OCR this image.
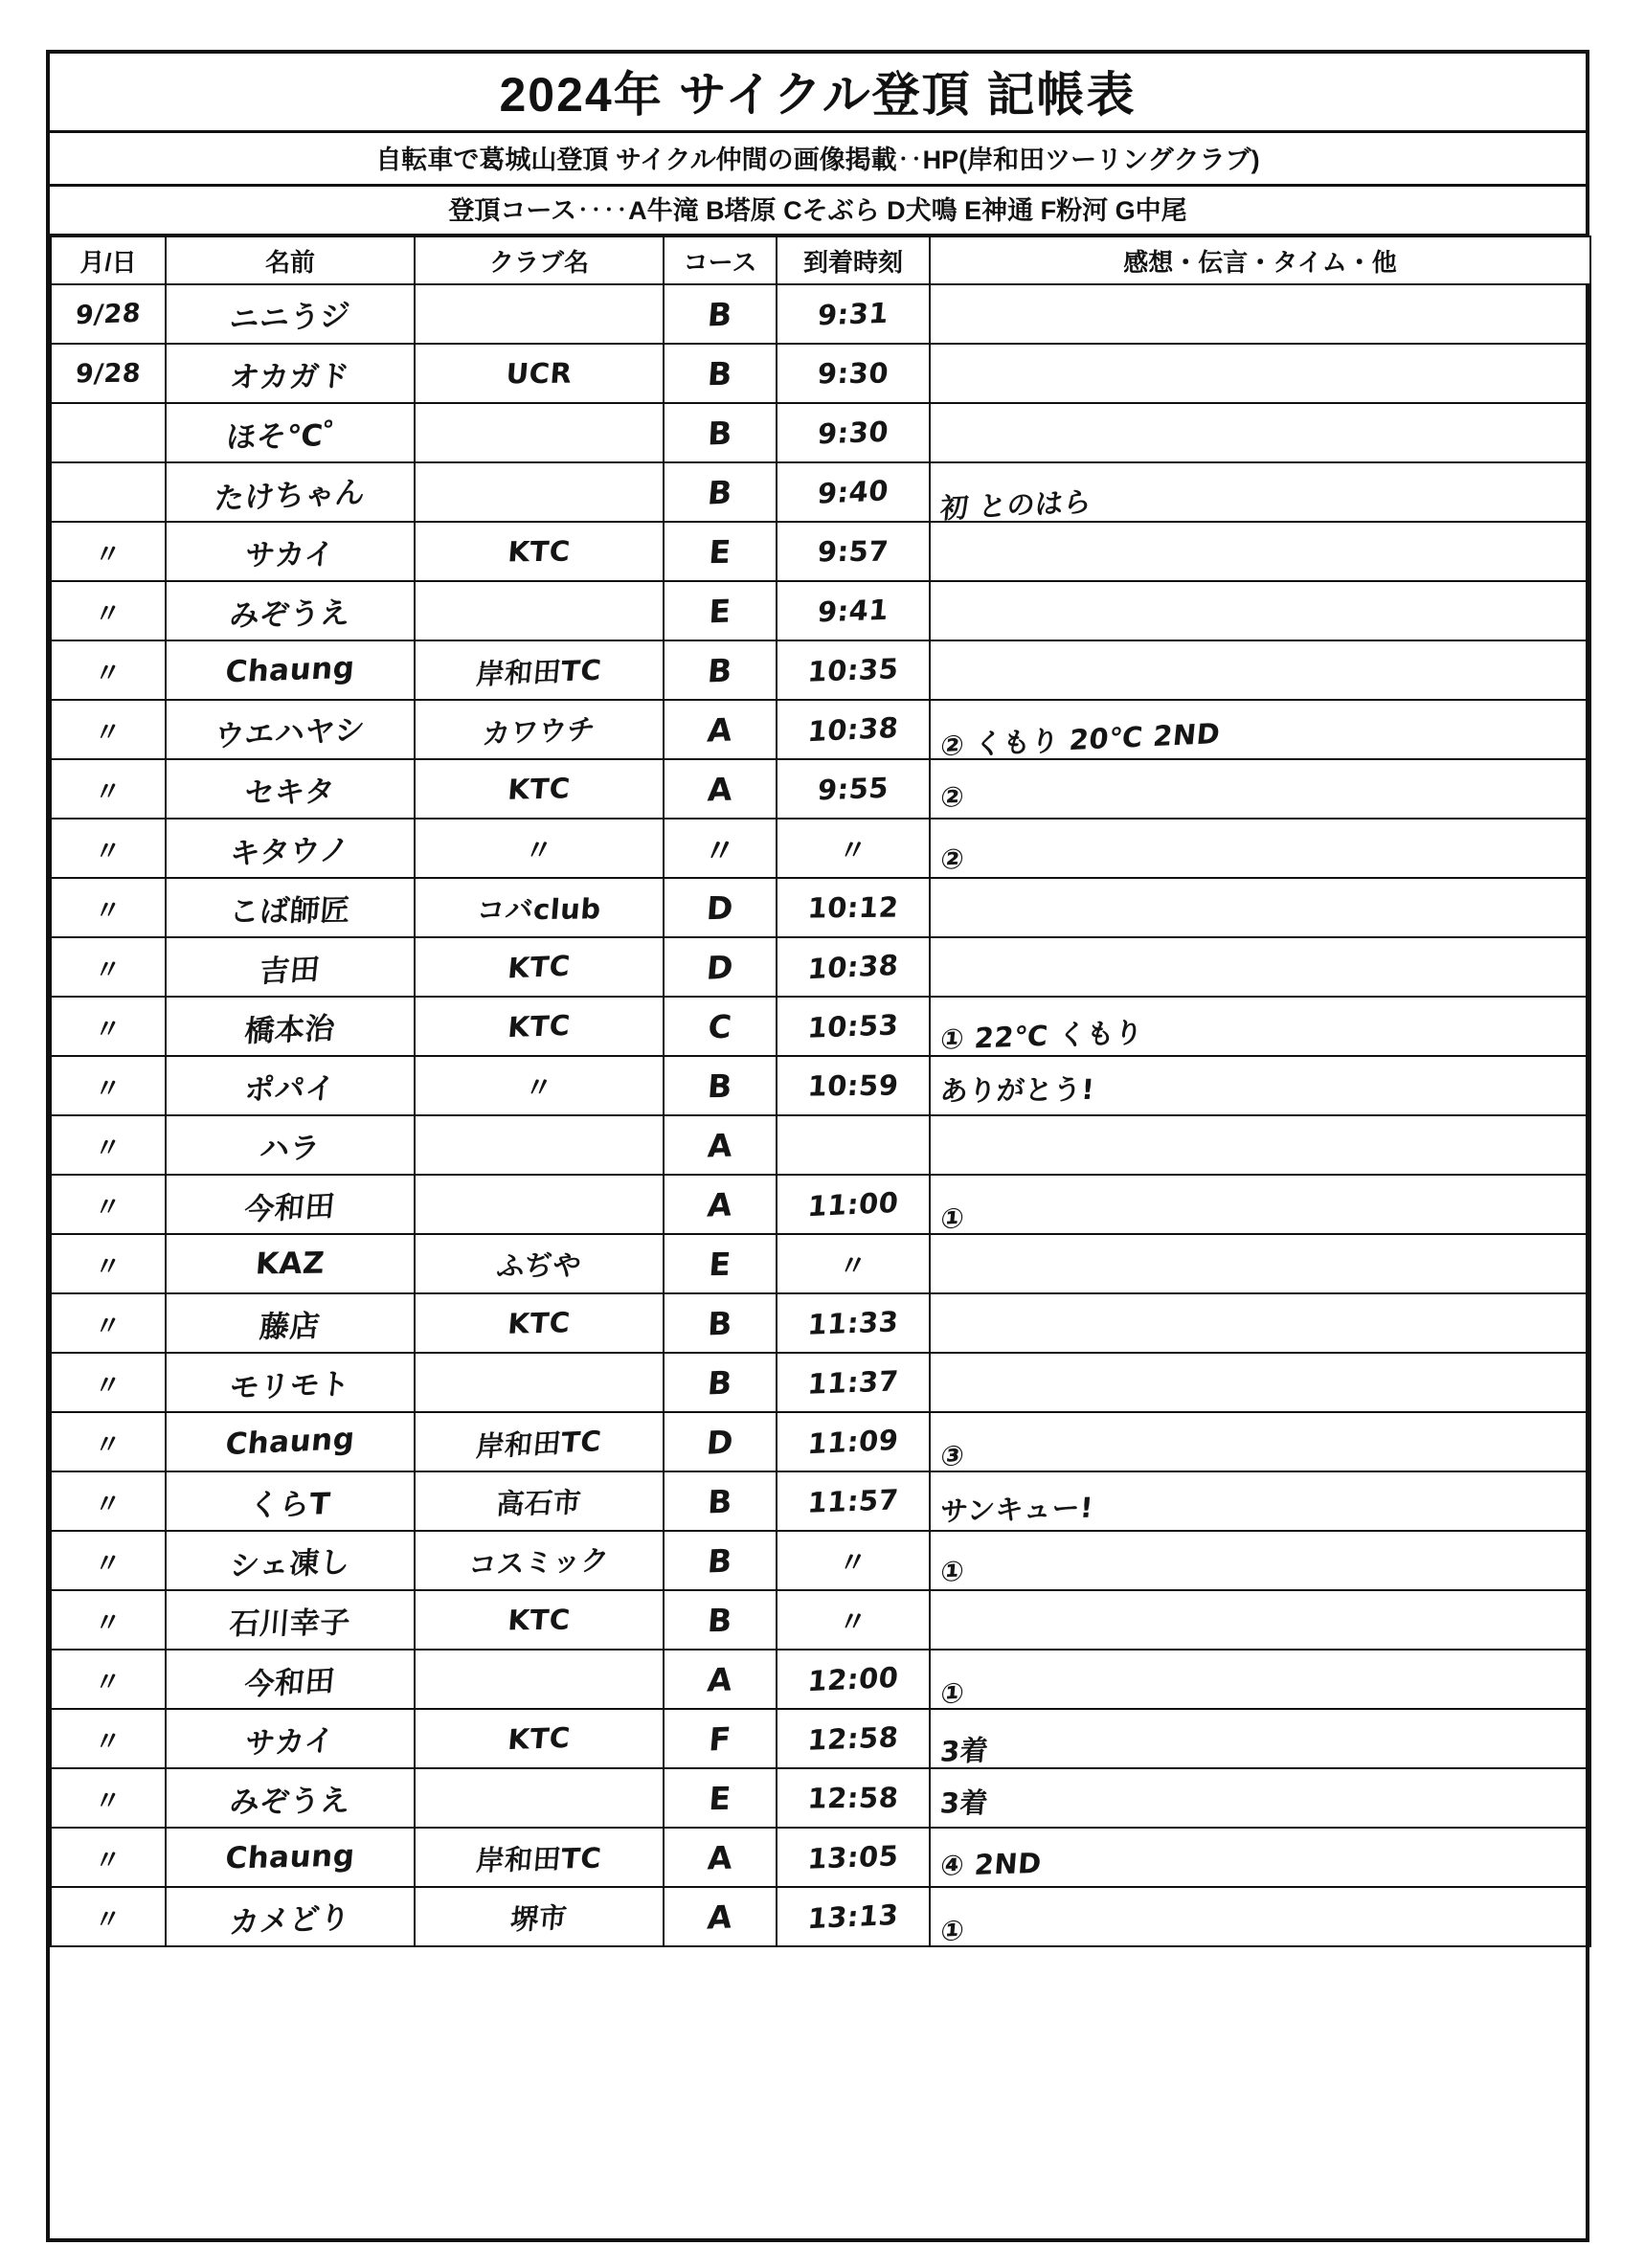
2024年 サイクル登頂 記帳表
自転車で葛城山登頂 サイクル仲間の画像掲載‥HP(岸和田ツーリングクラブ)
登頂コース‥‥A牛滝 B塔原 Cそぶら D犬鳴 E神通 F粉河 G中尾
月/日	名前	クラブ名	コース	到着時刻	感想・伝言・タイム・他

9/28	ニニうジ		B	9:31	

9/28	オカガド	UCR	B	9:30	

	ほそ℃゜		B	9:30	

	たけちゃん		B	9:40	初 とのはら

〃	サカイ	KTC	E	9:57	

〃	みぞうえ		E	9:41	

〃	Chaung	岸和田TC	B	10:35	

〃	ウエハヤシ	カワウチ	A	10:38	② くもり 20℃ 2ND

〃	セキタ	KTC	A	9:55	②

〃	キタウノ	〃	〃	〃	②

〃	こば師匠	コバclub	D	10:12	

〃	吉田	KTC	D	10:38	

〃	橋本治	KTC	C	10:53	① 22℃ くもり

〃	ポパイ	〃	B	10:59	ありがとう!

〃	ハラ		A		

〃	今和田		A	11:00	①

〃	KAZ	ふぢや	E	〃	

〃	藤店	KTC	B	11:33	

〃	モリモト		B	11:37	

〃	Chaung	岸和田TC	D	11:09	③

〃	くらT	高石市	B	11:57	サンキュー!

〃	シェ凍し	コスミック	B	〃	①

〃	石川幸子	KTC	B	〃	

〃	今和田		A	12:00	①

〃	サカイ	KTC	F	12:58	3着

〃	みぞうえ		E	12:58	3着

〃	Chaung	岸和田TC	A	13:05	④ 2ND

〃	カメどり	堺市	A	13:13	①
